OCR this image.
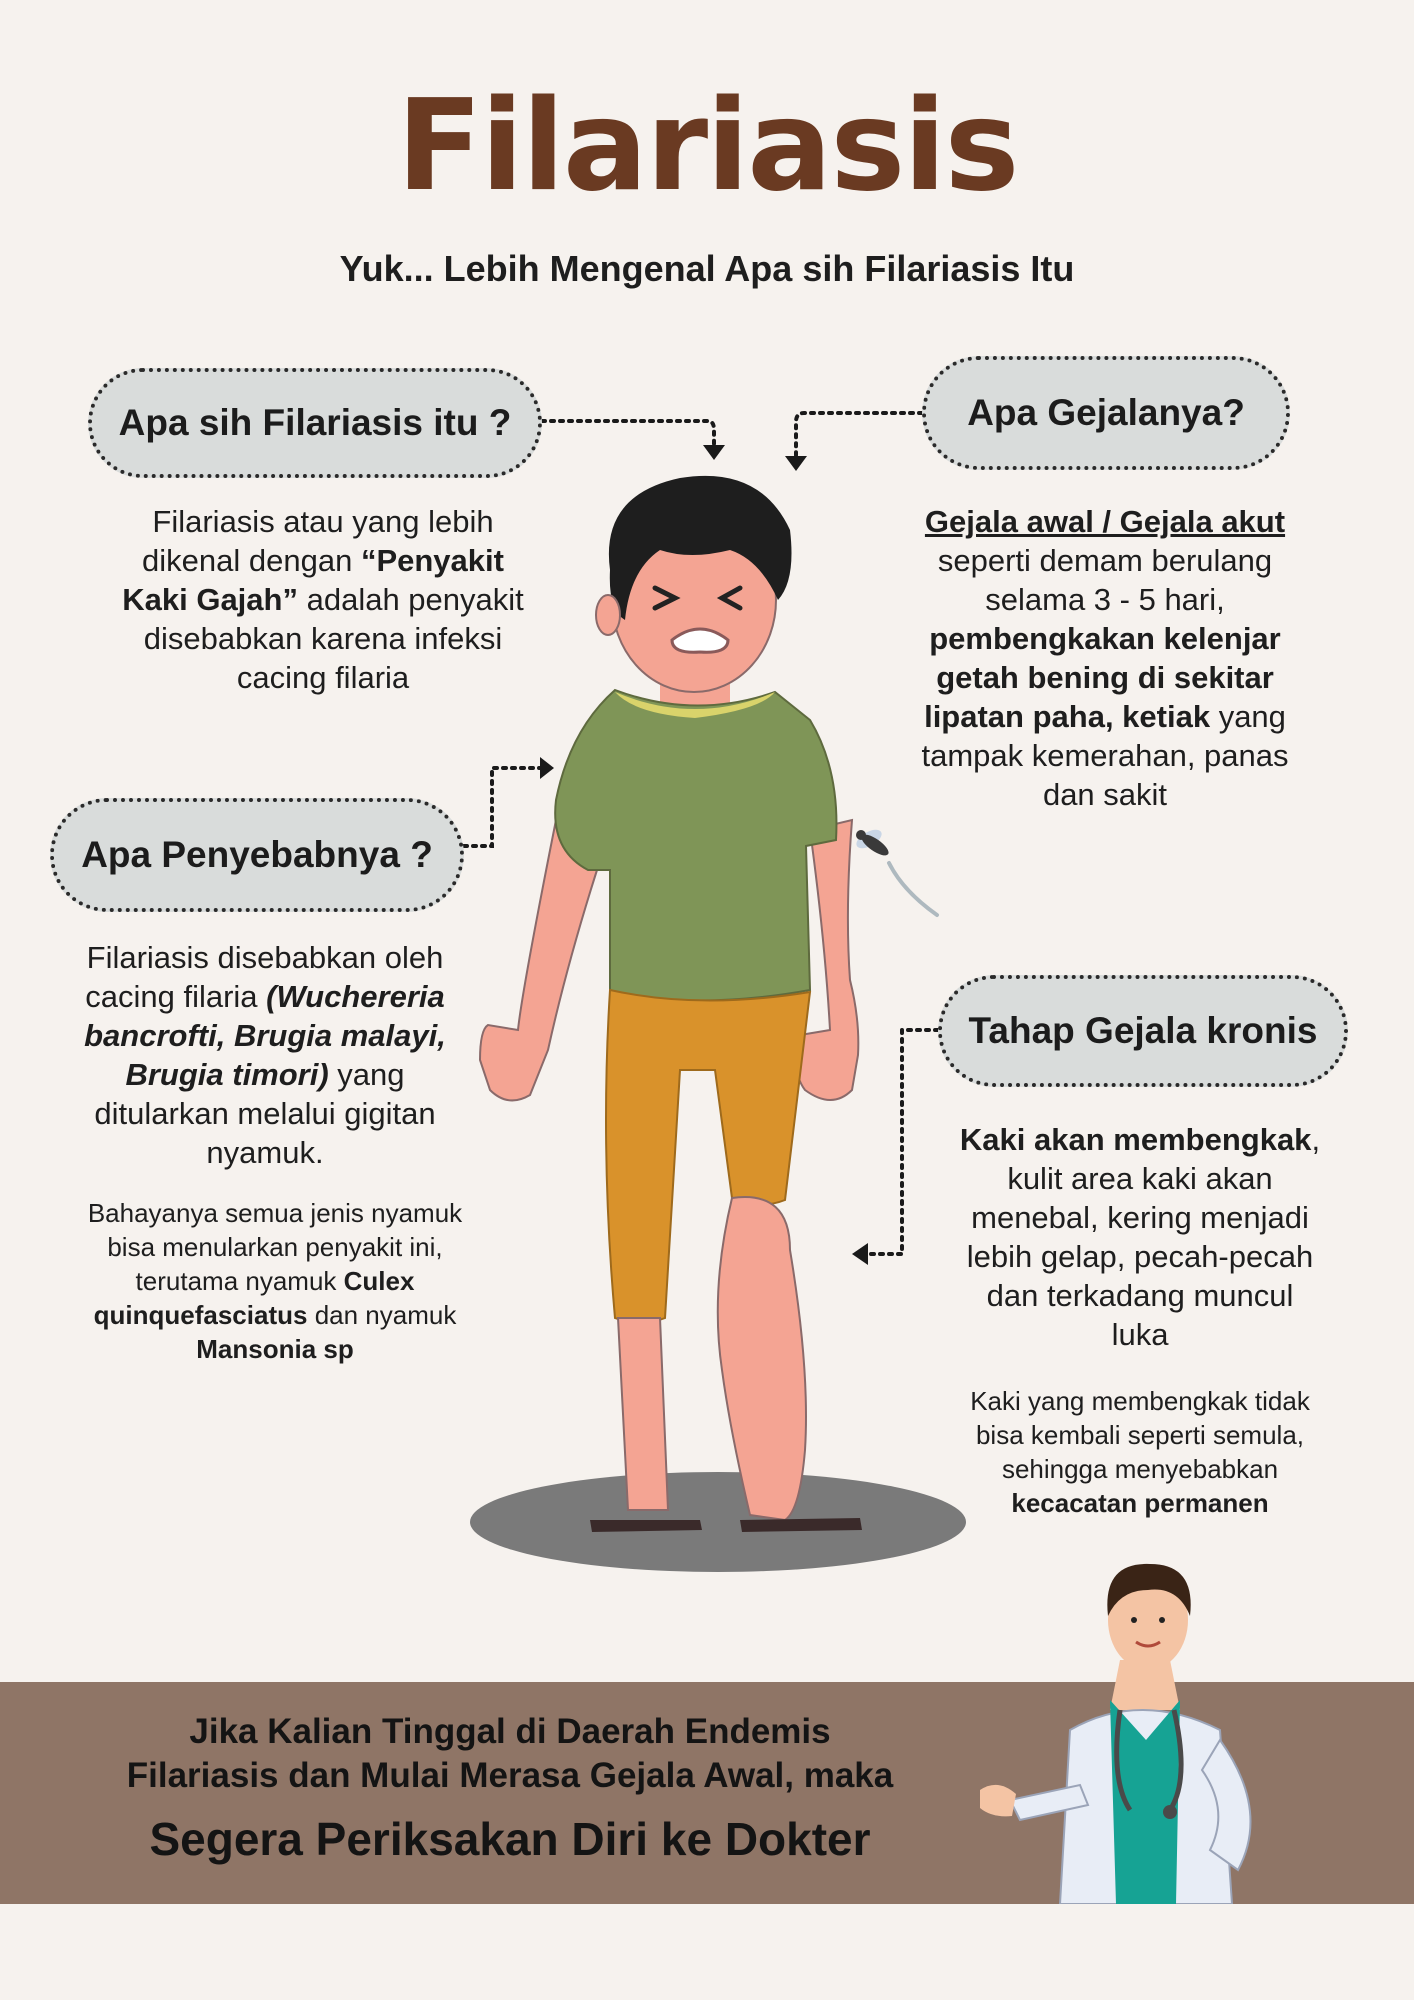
Filariasis
Yuk... Lebih Mengenal Apa sih Filariasis Itu
Apa sih Filariasis itu ?
Filariasis atau yang lebih
dikenal dengan “Penyakit
Kaki Gajah” adalah penyakit
disebabkan karena infeksi
cacing filaria
Apa Gejalanya?
Gejala awal / Gejala akut
seperti demam berulang
selama 3 - 5 hari,
pembengkakan kelenjar
getah bening di sekitar
lipatan paha, ketiak yang
tampak kemerahan, panas
dan sakit
Apa Penyebabnya ?
Filariasis disebabkan oleh
cacing filaria (Wuchereria
bancrofti, Brugia malayi,
Brugia timori) yang
ditularkan melalui gigitan
nyamuk.
Bahayanya semua jenis nyamuk
bisa menularkan penyakit ini,
terutama nyamuk Culex
quinquefasciatus dan nyamuk
Mansonia sp
Tahap Gejala kronis
Kaki akan membengkak,
kulit area kaki akan
menebal, kering menjadi
lebih gelap, pecah-pecah
dan terkadang muncul
luka
Kaki yang membengkak tidak
bisa kembali seperti semula,
sehingga menyebabkan
kecacatan permanen
Jika Kalian Tinggal di Daerah Endemis
Filariasis dan Mulai Merasa Gejala Awal, maka
Segera Periksakan Diri ke Dokter
